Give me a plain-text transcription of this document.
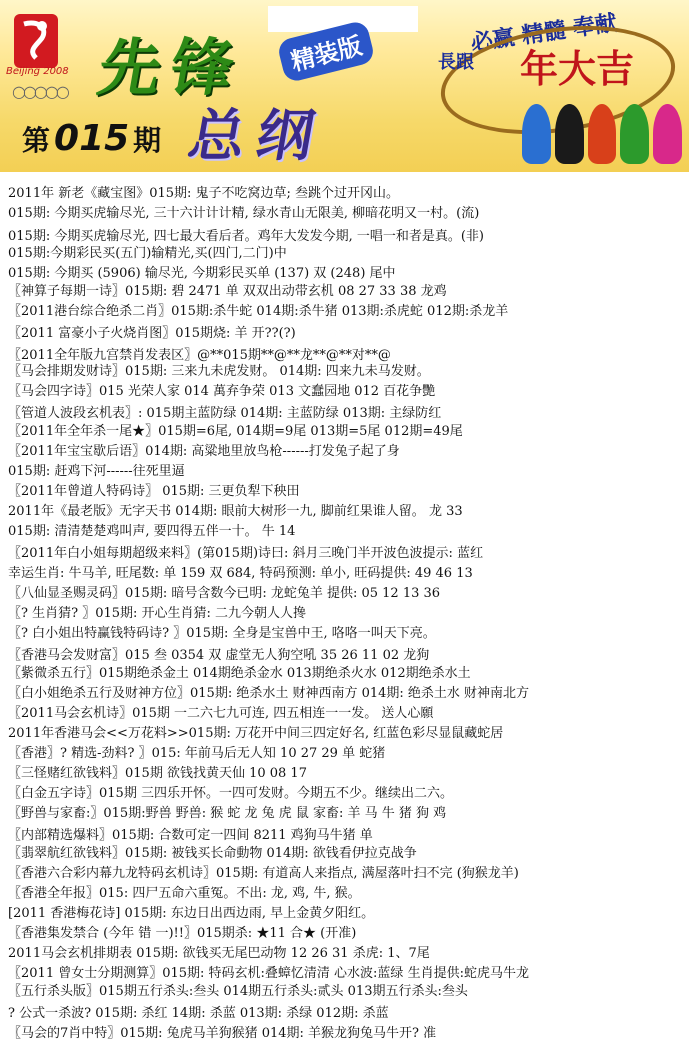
Beijing 2008
○○○○○ 先锋	精装版
总纲
第 015 期
必赢 精髓 奉献
長跟 年大吉
2011年 新老《藏宝图》015期: 鬼子不吃窝边草; 叁跳个过开冈山。
015期: 今期买虎输尽光, 三十六计计计精, 绿水青山无限美, 柳暗花明又一村。(流)
015期: 今期买虎输尽光, 四七最大看后者。鸡年大发发今期, 一唱一和者是真。(非)
015期:今期彩民买(五门)输精光,买(四门,二门)中
015期: 今期买 (5906) 输尽光, 今期彩民买单 (137) 双 (248) 尾中
〖神算子每期一诗〗015期: 碧 2471 单 双双出动带玄机 08 27 33 38 龙鸡
〖2011港台综合绝杀二肖〗015期:杀牛蛇 014期:杀牛猪 013期:杀虎蛇 012期:杀龙羊
〖2011 富豪小子火烧肖图〗015期烧: 羊 开??(?)
〖2011全年版九宫禁肖发表区〗@**015期**@**龙**@**对**@
〖马会排期发财诗〗015期: 三来九未虎发财。 014期: 四来九未马发财。
〖马会四字诗〗015 光荣人家 014 萬弃争荣 013 文蠢园地 012 百花争艷
〖管道人波段玄机表〗: 015期主蓝防绿 014期: 主蓝防绿 013期: 主绿防红
〖2011年全年杀一尾★〗015期=6尾, 014期=9尾 013期=5尾 012期=49尾
〖2011年宝宝歇后语〗014期: 高粱地里放鸟枪------打发兔子起了身
015期: 赶鸡下河------往死里逼
〖2011年曾道人特码诗〗 015期: 三更负犁下秧田
2011年《最老版》无字天书 014期: 眼前大树形一九, 脚前红果谁人留。 龙 33
015期: 清清楚楚鸡叫声, 要四得五伴一十。 牛 14
〖2011年白小姐每期超级来料〗(第015期)诗曰: 斜月三晚门半开波色波提示: 蓝红
幸运生肖: 牛马羊, 旺尾数: 单 159 双 684, 特码预测: 单小, 旺码提供: 49 46 13
〖八仙显圣赐灵码〗015期: 暗号含数今已明: 龙蛇兔羊 提供: 05 12 13 36
〖? 生肖猜? 〗015期: 开心生肖猜: 二九今朝人人搀
〖? 白小姐出特赢钱特码诗? 〗015期: 全身是宝兽中王, 咯咯一叫天下亮。
〖香港马会发财富〗015 叁 0354 双 虚堂无人狗空吼 35 26 11 02 龙狗
〖紫微杀五行〗015期绝杀金土 014期绝杀金水 013期绝杀火水 012期绝杀水土
〖白小姐绝杀五行及财神方位〗015期: 绝杀水土 财神西南方 014期: 绝杀土水 财神南北方
〖2011马会玄机诗〗015期 一二六七九可连, 四五相连一一发。 送人心願
2011年香港马会<<万花料>>015期: 万花开中间三四定好名, 红蓝色彩尽显鼠藏蛇居
〖香港〗? 精选-劲料? 〗015: 年前马后无人知 10 27 29 单 蛇猪
〖三怪赌红欲钱料〗015期 欲钱找黄天仙 10 08 17
〖白金五字诗〗015期 三四乐开怀。一四可发财。今期五不少。继续出二六。
〖野兽与家畜:〗015期:野兽 野兽: 猴 蛇 龙 兔 虎 鼠 家畜: 羊 马 牛 猪 狗 鸡
〖内部精选爆料〗015期: 合数可定一四间 8211 鸡狗马牛猪 单
〖翡翠航红欲钱料〗015期: 被钱买长命動物 014期: 欲钱看伊拉克战争
〖香港六合彩内幕九龙特码玄机诗〗015期: 有道高人来指点, 满屋落叶扫不完 (狗猴龙羊)
〖香港全年报〗015: 四尸五命六重冤。不出: 龙, 鸡, 牛, 猴。
[2011 香港梅花诗] 015期: 东边日出西边雨, 早上金黄夕阳红。
〖香港集发禁合 (今年 错 一)!!〗015期杀: ★11 合★ (开准)
2011马会玄机排期表 015期: 欲钱买无尾巴动物 12 26 31 杀虎: 1、7尾
〖2011 曾女士分期测算〗015期: 特码玄机:叠蟑忆清清 心水波:蓝绿 生肖提供:蛇虎马牛龙
〖五行杀头版〗015期五行杀头:叁头 014期五行杀头:贰头 013期五行杀头:叁头
? 公式一杀波? 015期: 杀红 14期: 杀蓝 013期: 杀绿 012期: 杀蓝
〖马会的7肖中特〗015期: 兔虎马羊狗猴猪 014期: 羊猴龙狗兔马牛开? 准
